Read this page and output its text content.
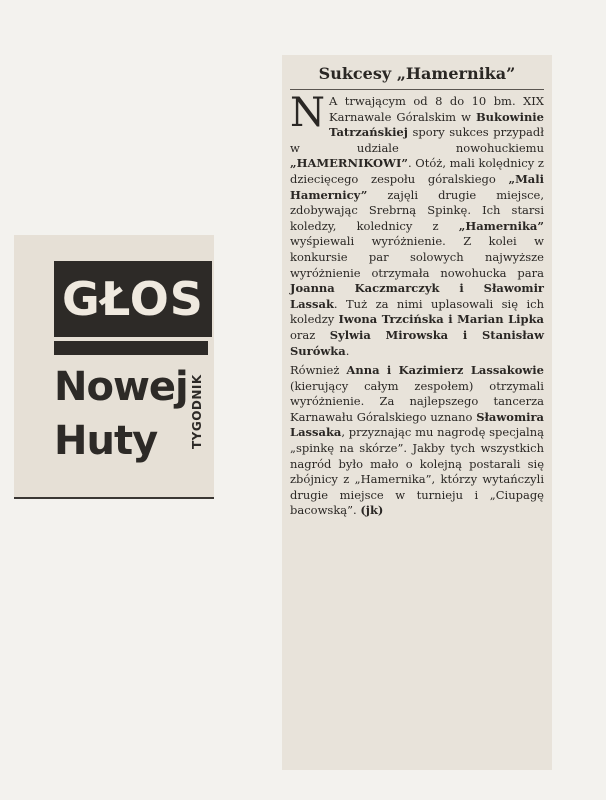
GŁOS
Nowej
Huty	TYGODNIK
Sukcesy „Hamernika”

N A trwającym od 8 do 10 bm. XIX Karnawale Góralskim w Bukowinie Tatrzańskiej spory sukces przypadł w udziale nowohuckiemu „HAMERNIKOWI”. Otóż, mali kolędnicy z dziecięcego zespołu góralskiego „Mali Hamernicy” zajęli drugie miejsce, zdobywając Srebrną Spinkę. Ich starsi koledzy, kolednicy z „Hamernika” wyśpiewali wyróżnienie. Z kolei w konkursie par solowych najwyższe wyróżnienie otrzymała nowohucka para Joanna Kaczmarczyk i Sławomir Lassak. Tuż za nimi uplasowali się ich koledzy Iwona Trzcińska i Marian Lipka oraz Sylwia Mirowska i Stanisław Surówka.

Również Anna i Kazimierz Lassakowie (kierujący całym zespołem) otrzymali wyróżnienie. Za najlepszego tancerza Karnawału Góralskiego uznano Sławomira Lassaka, przyznając mu nagrodę specjalną „spinkę na skórze”. Jakby tych wszystkich nagród było mało o kolejną postarali się zbójnicy z „Hamernika”, którzy wytańczyli drugie miejsce w turnieju i „Ciupagę bacowską”. (jk)
